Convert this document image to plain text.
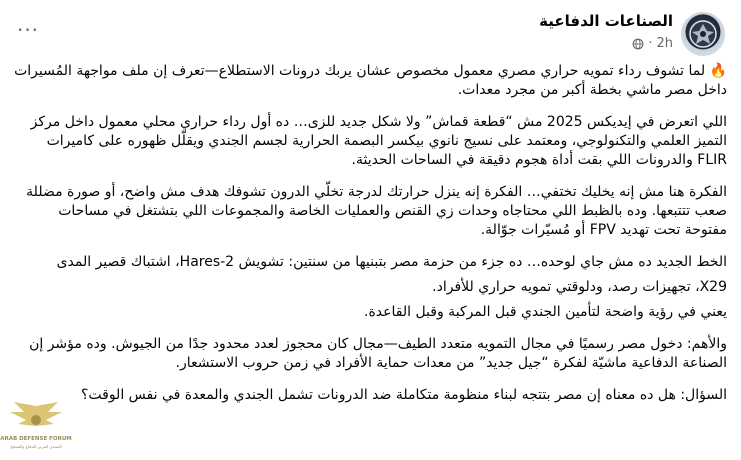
الصناعات الدفاعية
2h
·
···

🔥 لما تشوف رداء تمويه حراري مصري معمول مخصوص عشان يربك درونات الاستطلاع—تعرف إن ملف مواجهة المُسيرات داخل مصر ماشي بخطة أكبر من مجرد معدات.

اللي اتعرض في إيديكس 2025 مش “قطعة قماش” ولا شكل جديد للزى… ده أول رداء حراري محلي معمول داخل مركز التميز العلمي والتكنولوجي، ومعتمد على نسيج نانوي بيكسر البصمة الحرارية لجسم الجندي ويقلّل ظهوره على كاميرات FLIR والدرونات اللي بقت أداة هجوم دقيقة في الساحات الحديثة.

الفكرة هنا مش إنه يخليك تختفي… الفكرة إنه ينزل حرارتك لدرجة تخلّي الدرون تشوفك هدف مش واضح، أو صورة مضللة صعب تتتبعها. وده بالظبط اللي محتاجاه وحدات زي القنص والعمليات الخاصة والمجموعات اللي بتشتغل في مساحات مفتوحة تحت تهديد FPV أو مُسيّرات جوّالة.

الخط الجديد ده مش جاي لوحده… ده جزء من حزمة مصر بتبنيها من سنتين: تشويش Hares-2، اشتباك قصير المدى

X29، تجهيزات رصد، ودلوقتي تمويه حراري للأفراد.

يعني في رؤية واضحة لتأمين الجندي قبل المركبة وقبل القاعدة.

والأهم: دخول مصر رسميًا في مجال التمويه متعدد الطيف—مجال كان محجوز لعدد محدود جدًا من الجيوش. وده مؤشر إن الصناعة الدفاعية ماشيّة لفكرة “جيل جديد” من معدات حماية الأفراد في زمن حروب الاستشعار.

السؤال: هل ده معناه إن مصر بتتجه لبناء منظومة متكاملة ضد الدرونات تشمل الجندي والمعدة في نفس الوقت؟

ARAB DEFENSE FORUM
المنتدى العربي للدفاع والتسليح
